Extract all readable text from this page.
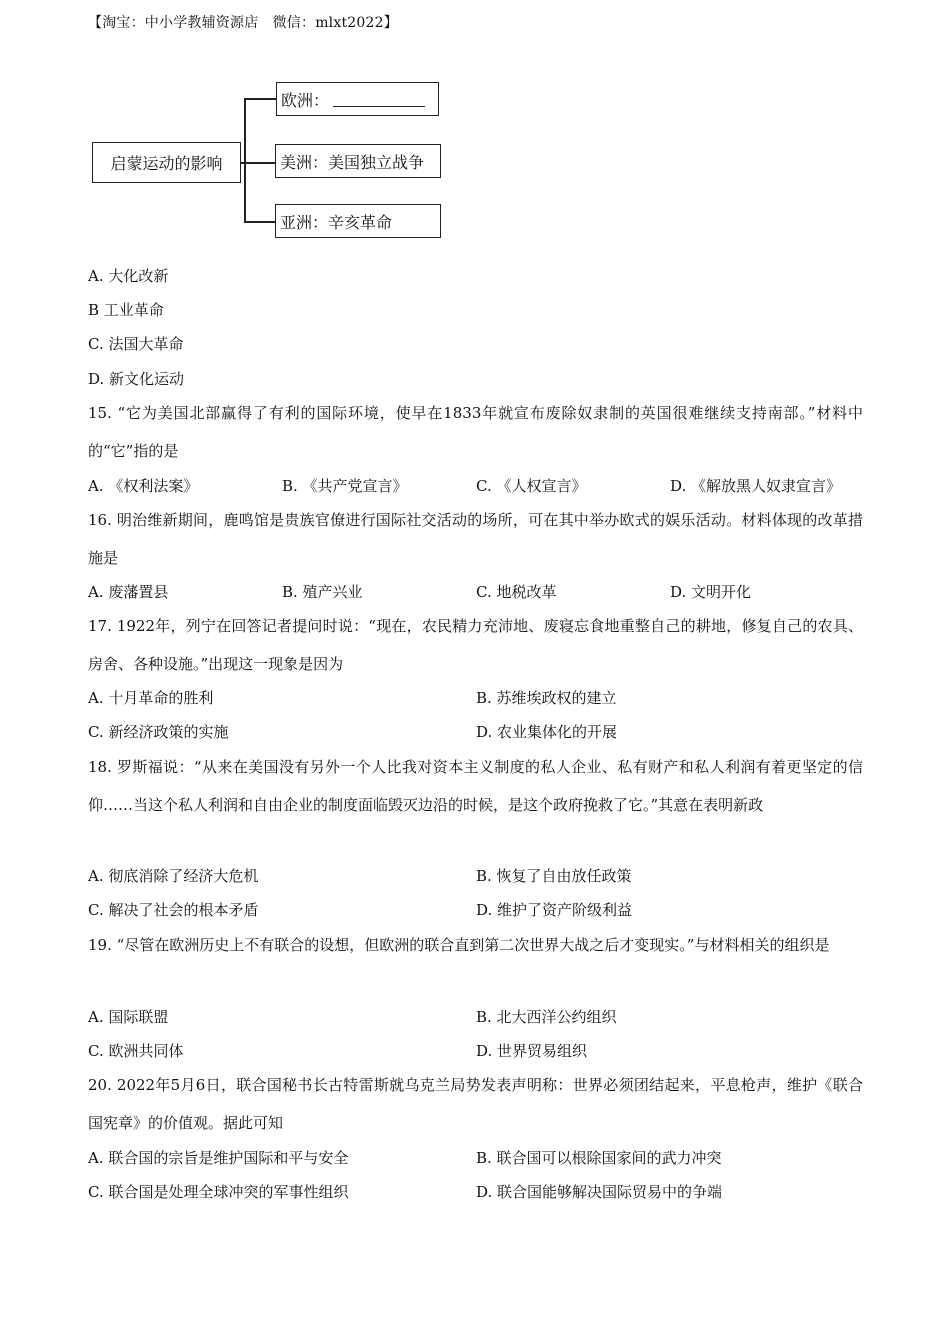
【淘宝：中小学教辅资源店　微信：mlxt2022】
启蒙运动的影响
欧洲：
美洲：美国独立战争
亚洲：辛亥革命
A. 大化改新
B 工业革命
C. 法国大革命
D. 新文化运动
15. “它为美国北部赢得了有利的国际环境，使早在1833年就宣布废除奴隶制的英国很难继续支持南部。”材料中的“它”指的是
A. 《权利法案》	B. 《共产党宣言》	C. 《人权宣言》	D. 《解放黑人奴隶宣言》
16. 明治维新期间，鹿鸣馆是贵族官僚进行国际社交活动的场所，可在其中举办欧式的娱乐活动。材料体现的改革措施是
A. 废藩置县	B. 殖产兴业	C. 地税改革	D. 文明开化
17. 1922年，列宁在回答记者提问时说：“现在，农民精力充沛地、废寝忘食地重整自己的耕地，修复自己的农具、房舍、各种设施。”出现这一现象是因为
A. 十月革命的胜利	B. 苏维埃政权的建立
C. 新经济政策的实施	D. 农业集体化的开展
18. 罗斯福说：“从来在美国没有另外一个人比我对资本主义制度的私人企业、私有财产和私人利润有着更坚定的信仰……当这个私人利润和自由企业的制度面临毁灭边沿的时候，是这个政府挽救了它。”其意在表明新政
A. 彻底消除了经济大危机	B. 恢复了自由放任政策
C. 解决了社会的根本矛盾	D. 维护了资产阶级利益
19. “尽管在欧洲历史上不有联合的设想，但欧洲的联合直到第二次世界大战之后才变现实。”与材料相关的组织是
A. 国际联盟	B. 北大西洋公约组织
C. 欧洲共同体	D. 世界贸易组织
20. 2022年5月6日，联合国秘书长古特雷斯就乌克兰局势发表声明称：世界必须团结起来，平息枪声，维护《联合国宪章》的价值观。据此可知
A. 联合国的宗旨是维护国际和平与安全	B. 联合国可以根除国家间的武力冲突
C. 联合国是处理全球冲突的军事性组织	D. 联合国能够解决国际贸易中的争端
